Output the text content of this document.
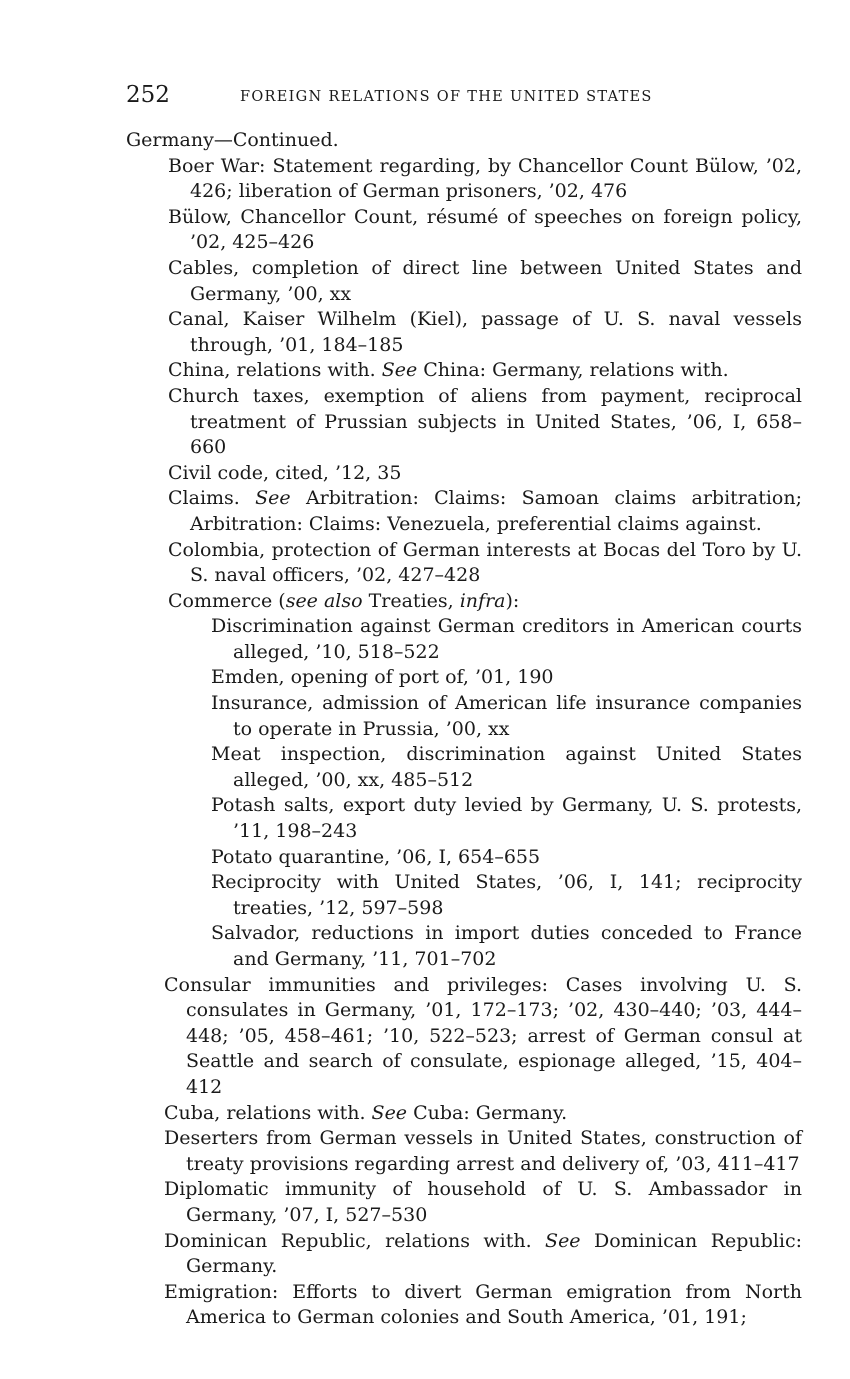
252	FOREIGN RELATIONS OF THE UNITED STATES
Germany—Continued.
Boer War: Statement regarding, by Chancellor Count Bülow, ’02, 426; liberation of German prisoners, ’02, 476
Bülow, Chancellor Count, résumé of speeches on foreign policy, ’02, 425–426
Cables, completion of direct line between United States and Germany, ’00, xx
Canal, Kaiser Wilhelm (Kiel), passage of U. S. naval vessels through, ’01, 184–185
China, relations with. See China: Germany, relations with.
Church taxes, exemption of aliens from payment, reciprocal treatment of Prussian subjects in United States, ’06, I, 658–660
Civil code, cited, ’12, 35
Claims. See Arbitration: Claims: Samoan claims arbitration; Arbitration: Claims: Venezuela, preferential claims against.
Colombia, protection of German interests at Bocas del Toro by U. S. naval officers, ’02, 427–428
Commerce (see also Treaties, infra):
Discrimination against German creditors in American courts alleged, ’10, 518–522
Emden, opening of port of, ’01, 190
Insurance, admission of American life insurance companies to operate in Prussia, ’00, xx
Meat inspection, discrimination against United States alleged, ’00, xx, 485–512
Potash salts, export duty levied by Germany, U. S. protests, ’11, 198–243
Potato quarantine, ’06, I, 654–655
Reciprocity with United States, ’06, I, 141; reciprocity treaties, ’12, 597–598
Salvador, reductions in import duties conceded to France and Germany, ’11, 701–702
Consular immunities and privileges: Cases involving U. S. consulates in Germany, ’01, 172–173; ’02, 430–440; ’03, 444–448; ’05, 458–461; ’10, 522–523; arrest of German consul at Seattle and search of consulate, espionage alleged, ’15, 404–412
Cuba, relations with. See Cuba: Germany.
Deserters from German vessels in United States, construction of treaty provisions regarding arrest and delivery of, ’03, 411–417
Diplomatic immunity of household of U. S. Ambassador in Germany, ’07, I, 527–530
Dominican Republic, relations with. See Dominican Republic: Germany.
Emigration: Efforts to divert German emigration from North America to German colonies and South America, ’01, 191;
